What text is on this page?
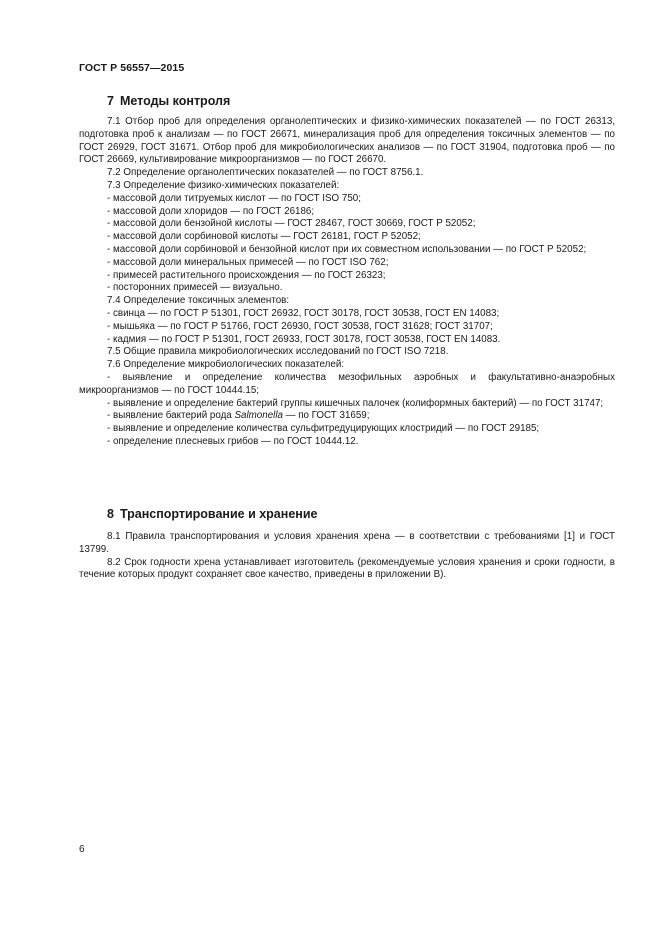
ГОСТ Р 56557—2015
7 Методы контроля

7.1 Отбор проб для определения органолептических и физико-химических показателей — по ГОСТ 26313, подготовка проб к анализам — по ГОСТ 26671, минерализация проб для определения токсичных элементов — по ГОСТ 26929, ГОСТ 31671. Отбор проб для микробиологических анализов — по ГОСТ 31904, подготовка проб — по ГОСТ 26669, культивирование микроорганизмов — по ГОСТ 26670.

7.2 Определение органолептических показателей — по ГОСТ 8756.1.

7.3 Определение физико-химических показателей:

- массовой доли титруемых кислот — по ГОСТ ISO 750;

- массовой доли хлоридов — по ГОСТ 26186;

- массовой доли бензойной кислоты — ГОСТ 28467, ГОСТ 30669, ГОСТ Р 52052;

- массовой доли сорбиновой кислоты — ГОСТ 26181, ГОСТ Р 52052;

- массовой доли сорбиновой и бензойной кислот при их совместном использовании — по ГОСТ Р 52052;

- массовой доли минеральных примесей — по ГОСТ ISO 762;

- примесей растительного происхождения — по ГОСТ 26323;

- посторонних примесей — визуально.

7.4 Определение токсичных элементов:

- свинца — по ГОСТ Р 51301, ГОСТ 26932, ГОСТ 30178, ГОСТ 30538, ГОСТ EN 14083;

- мышьяка — по ГОСТ Р 51766, ГОСТ 26930, ГОСТ 30538, ГОСТ 31628; ГОСТ 31707;

- кадмия — по ГОСТ Р 51301, ГОСТ 26933, ГОСТ 30178, ГОСТ 30538, ГОСТ EN 14083.

7.5 Общие правила микробиологических исследований по ГОСТ ISO 7218.

7.6 Определение микробиологических показателей:

- выявление и определение количества мезофильных аэробных и факультативно-анаэробных микроорганизмов — по ГОСТ 10444.15;

- выявление и определение бактерий группы кишечных палочек (колиформных бактерий) — по ГОСТ 31747;

- выявление бактерий рода Salmonella — по ГОСТ 31659;

- выявление и определение количества сульфитредуцирующих клостридий — по ГОСТ 29185;

- определение плесневых грибов — по ГОСТ 10444.12.

8 Транспортирование и хранение

8.1 Правила транспортирования и условия хранения хрена — в соответствии с требованиями [1] и ГОСТ 13799.

8.2 Срок годности хрена устанавливает изготовитель (рекомендуемые условия хранения и сроки годности, в течение которых продукт сохраняет свое качество, приведены в приложении В).

6
